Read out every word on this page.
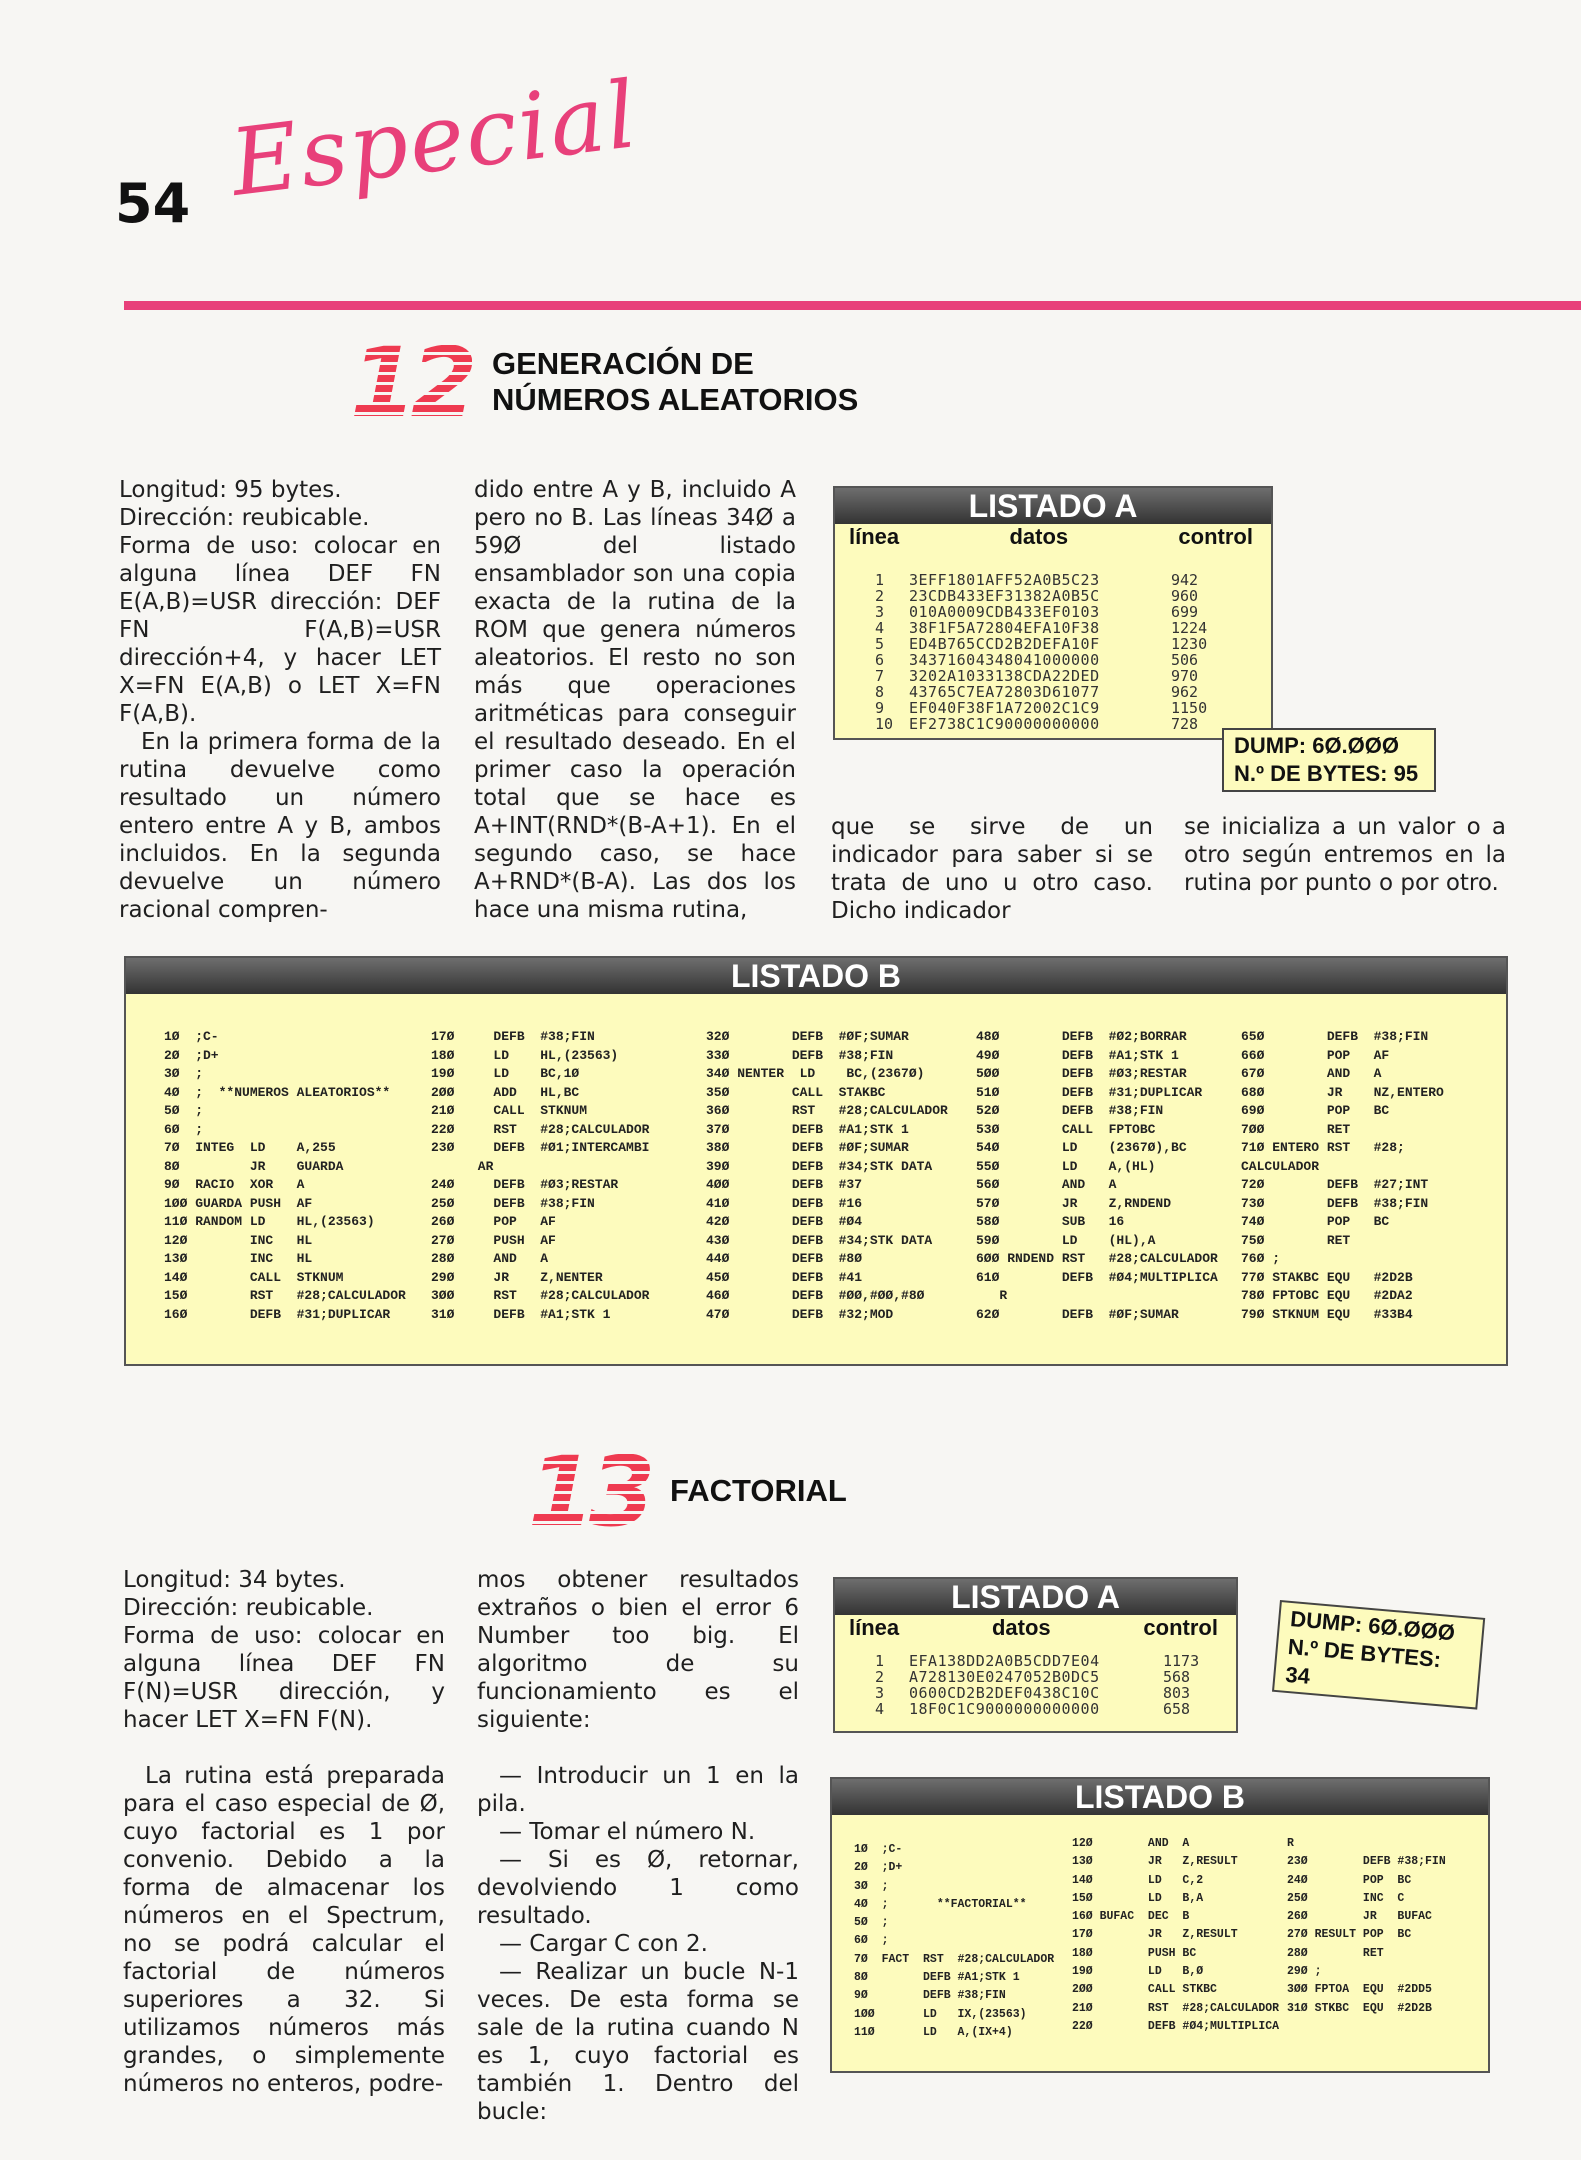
54 Especial
12 GENERACIÓN DE
NÚMEROS ALEATORIOS

Longitud: 95 bytes.

Dirección: reubicable.

Forma de uso: colocar en alguna línea DEF FN E(A,B)=USR dirección: DEF FN F(A,B)=USR dirección+4, y hacer LET X=FN E(A,B) o LET X=FN F(A,B).

En la primera forma de la rutina devuelve como resultado un número entero entre A y B, ambos incluidos. En la segunda devuelve un número racional compren-

dido entre A y B, incluido A pero no B. Las líneas 34Ø a 59Ø del listado ensamblador son una copia exacta de la rutina de la ROM que genera números aleatorios. El resto no son más que operaciones aritméticas para conseguir el resultado deseado. En el primer caso la operación total que se hace es A+INT(RND*(B-A+1). En el segundo caso, se hace A+RND*(B-A). Las dos los hace una misma rutina,
que se sirve de un indicador para saber si se trata de uno u otro caso. Dicho indicador
se inicializa a un valor o a otro según entremos en la rutina por punto o por otro.
LISTADO A
línea	datos	control
1	3EFF1801AFF52A0B5C23	942
2	23CDB433EF31382A0B5C	960
3	010A0009CDB433EF0103	699
4	38F1F5A72804EFA10F38	1224
5	ED4B765CCD2B2DEFA10F	1230
6	34371604348041000000	506
7	3202A1033138CDA22DED	970
8	43765C7EA72803D61077	962
9	EF040F38F1A72002C1C9	1150
10	EF2738C1C90000000000	728
DUMP: 6Ø.ØØØ
N.º DE BYTES: 95
LISTADO B
1Ø  ;C-
2Ø  ;D+
3Ø  ;
4Ø  ;  **NUMEROS ALEATORIOS**
5Ø  ;
6Ø  ;
7Ø  INTEG  LD    A,255
8Ø         JR    GUARDA
9Ø  RACIO  XOR   A
1ØØ GUARDA PUSH  AF
11Ø RANDOM LD    HL,(23563)
12Ø        INC   HL
13Ø        INC   HL
14Ø        CALL  STKNUM
15Ø        RST   #28;CALCULADOR
16Ø        DEFB  #31;DUPLICAR
17Ø     DEFB  #38;FIN
18Ø     LD    HL,(23563)
19Ø     LD    BC,1Ø
2ØØ     ADD   HL,BC
21Ø     CALL  STKNUM
22Ø     RST   #28;CALCULADOR
23Ø     DEFB  #Ø1;INTERCAMBI
AR
24Ø     DEFB  #Ø3;RESTAR
25Ø     DEFB  #38;FIN
26Ø     POP   AF
27Ø     PUSH  AF
28Ø     AND   A
29Ø     JR    Z,NENTER
3ØØ     RST   #28;CALCULADOR
31Ø     DEFB  #A1;STK 1
32Ø        DEFB  #ØF;SUMAR
33Ø        DEFB  #38;FIN
34Ø NENTER  LD    BC,(2367Ø)
35Ø        CALL  STAKBC
36Ø        RST   #28;CALCULADOR
37Ø        DEFB  #A1;STK 1
38Ø        DEFB  #ØF;SUMAR
39Ø        DEFB  #34;STK DATA
4ØØ        DEFB  #37
41Ø        DEFB  #16
42Ø        DEFB  #Ø4
43Ø        DEFB  #34;STK DATA
44Ø        DEFB  #8Ø
45Ø        DEFB  #41
46Ø        DEFB  #ØØ,#ØØ,#8Ø
47Ø        DEFB  #32;MOD
48Ø        DEFB  #Ø2;BORRAR
49Ø        DEFB  #A1;STK 1
5ØØ        DEFB  #Ø3;RESTAR
51Ø        DEFB  #31;DUPLICAR
52Ø        DEFB  #38;FIN
53Ø        CALL  FPTOBC
54Ø        LD    (2367Ø),BC
55Ø        LD    A,(HL)
56Ø        AND   A
57Ø        JR    Z,RNDEND
58Ø        SUB   16
59Ø        LD    (HL),A
6ØØ RNDEND RST   #28;CALCULADOR
61Ø        DEFB  #Ø4;MULTIPLICA
R
62Ø        DEFB  #ØF;SUMAR
65Ø        DEFB  #38;FIN
66Ø        POP   AF
67Ø        AND   A
68Ø        JR    NZ,ENTERO
69Ø        POP   BC
7ØØ        RET
71Ø ENTERO RST   #28;
CALCULADOR
72Ø        DEFB  #27;INT
73Ø        DEFB  #38;FIN
74Ø        POP   BC
75Ø        RET
76Ø ;
77Ø STAKBC EQU   #2D2B
78Ø FPTOBC EQU   #2DA2
79Ø STKNUM EQU   #33B4
13 FACTORIAL

Longitud: 34 bytes.

Dirección: reubicable.

Forma de uso: colocar en alguna línea DEF FN F(N)=USR dirección, y hacer LET X=FN F(N).

La rutina está preparada para el caso especial de Ø, cuyo factorial es 1 por convenio. Debido a la forma de almacenar los números en el Spectrum, no se podrá calcular el factorial de números superiores a 32. Si utilizamos números más grandes, o simplemente números no enteros, podre-

mos obtener resultados extraños o bien el error 6 Number too big. El algoritmo de su funcionamiento es el siguiente:

— Introducir un 1 en la pila.

— Tomar el número N.

— Si es Ø, retornar, devolviendo 1 como resultado.

— Cargar C con 2.

— Realizar un bucle N-1 veces. De esta forma se sale de la rutina cuando N es 1, cuyo factorial es también 1. Dentro del bucle:

LISTADO A
línea	datos	control
1	EFA138DD2A0B5CDD7E04	1173
2	A728130E0247052B0DC5	568
3	0600CD2B2DEF0438C10C	803
4	18F0C1C9000000000000	658
DUMP: 6Ø.ØØØ
N.º DE BYTES: 34
LISTADO B
1Ø  ;C-
2Ø  ;D+
3Ø  ;
4Ø  ;       **FACTORIAL**
5Ø  ;
6Ø  ;
7Ø  FACT  RST  #28;CALCULADOR
8Ø        DEFB #A1;STK 1
9Ø        DEFB #38;FIN
1ØØ       LD   IX,(23563)
11Ø       LD   A,(IX+4)
12Ø        AND  A
13Ø        JR   Z,RESULT
14Ø        LD   C,2
15Ø        LD   B,A
16Ø BUFAC  DEC  B
17Ø        JR   Z,RESULT
18Ø        PUSH BC
19Ø        LD   B,Ø
2ØØ        CALL STKBC
21Ø        RST  #28;CALCULADOR
22Ø        DEFB #Ø4;MULTIPLICA
R
23Ø        DEFB #38;FIN
24Ø        POP  BC
25Ø        INC  C
26Ø        JR   BUFAC
27Ø RESULT POP  BC
28Ø        RET
29Ø ;
3ØØ FPTOA  EQU  #2DD5
31Ø STKBC  EQU  #2D2B
